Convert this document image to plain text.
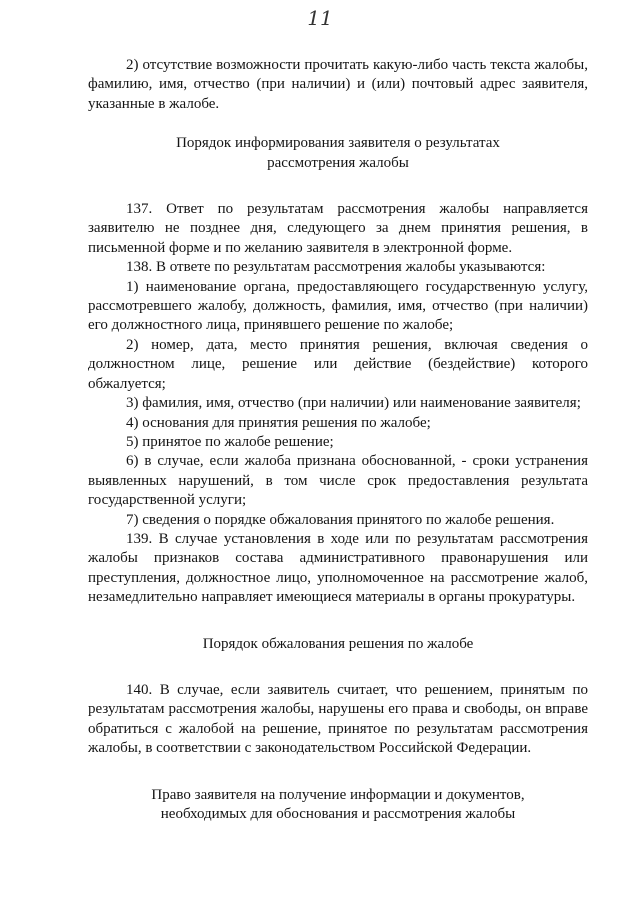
11

2) отсутствие возможности прочитать какую-либо часть текста жалобы, фамилию, имя, отчество (при наличии) и (или) почтовый адрес заявителя, указанные в жалобе.

Порядок информирования заявителя о результатах
рассмотрения жалобы

137. Ответ по результатам рассмотрения жалобы направляется заявителю не позднее дня, следующего за днем принятия решения, в письменной форме и по желанию заявителя в электронной форме.

138. В ответе по результатам рассмотрения жалобы указываются:

1) наименование органа, предоставляющего государственную услугу, рассмотревшего жалобу, должность, фамилия, имя, отчество (при наличии) его должностного лица, принявшего решение по жалобе;

2) номер, дата, место принятия решения, включая сведения о должностном лице, решение или действие (бездействие) которого обжалуется;

3) фамилия, имя, отчество (при наличии) или наименование заявителя;

4) основания для принятия решения по жалобе;

5) принятое по жалобе решение;

6) в случае, если жалоба признана обоснованной, - сроки устранения выявленных нарушений, в том числе срок предоставления результата государственной услуги;

7) сведения о порядке обжалования принятого по жалобе решения.

139. В случае установления в ходе или по результатам рассмотрения жалобы признаков состава административного правонарушения или преступления, должностное лицо, уполномоченное на рассмотрение жалоб, незамедлительно направляет имеющиеся материалы в органы прокуратуры.

Порядок обжалования решения по жалобе

140. В случае, если заявитель считает, что решением, принятым по результатам рассмотрения жалобы, нарушены его права и свободы, он вправе обратиться с жалобой на решение, принятое по результатам рассмотрения жалобы, в соответствии с законодательством Российской Федерации.

Право заявителя на получение информации и документов,
необходимых для обоснования и рассмотрения жалобы
